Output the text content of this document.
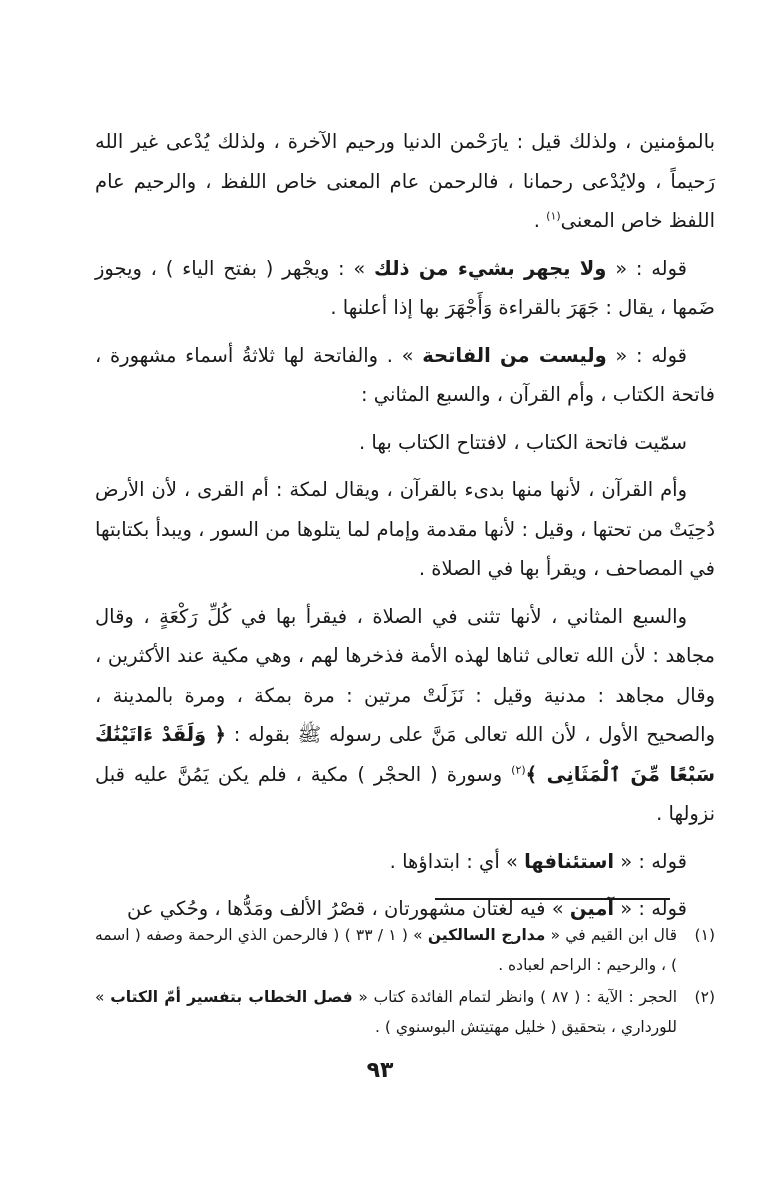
بالمؤمنين ، ولذلك قيل : يارَحْمن الدنيا ورحيم الآخرة ، ولذلك يُدْعى غير الله رَحيماً ، ولايُدْعى رحمانا ، فالرحمن عام المعنى خاص اللفظ ، والرحيم عام اللفظ خاص المعنى$^{(١)}$ .

قوله : « ولا يجهر بشيء من ذلك » : ويجْهر ( بفتح الياء ) ، ويجوز ضَمها ، يقال : جَهَرَ بالقراءة وَأَجْهَرَ بها إذا أعلنها .

قوله : « وليست من الفاتحة » . والفاتحة لها ثلاثةُ أسماء مشهورة ، فاتحة الكتاب ، وأم القرآن ، والسبع المثاني :

سمّيت فاتحة الكتاب ، لافتتاح الكتاب بها .

وأم القرآن ، لأنها منها بدىء بالقرآن ، ويقال لمكة : أم القرى ، لأن الأرض دُحِيَتْ من تحتها ، وقيل : لأنها مقدمة وإمام لما يتلوها من السور ، ويبدأ بكتابتها في المصاحف ، ويقرأ بها في الصلاة .

والسبع المثاني ، لأنها تثنى في الصلاة ، فيقرأ بها في كُلِّ رَكْعَةٍ ، وقال مجاهد : لأن الله تعالى ثناها لهذه الأمة فذخرها لهم ، وهي مكية عند الأكثرين ، وقال مجاهد : مدنية وقيل : نَزَلَتْ مرتين : مرة بمكة ، ومرة بالمدينة ، والصحيح الأول ، لأن الله تعالى مَنَّ على رسوله ﷺ بقوله : ﴿ وَلَقَدْ ءَاتَيْنَٰكَ سَبْعًا مِّنَ ٱلْمَثَانِى ﴾$^{(٢)}$ وسورة ( الحجْر ) مكية ، فلم يكن يَمُنَّ عليه قبل نزولها .

قوله : « استئنافها » أي : ابتداؤها .

قوله : « آمين » فيه لغتان مشهورتان ، قصْرُ الألف ومَدُّها ، وحُكي عن

(١)
قال ابن القيم في « مدارج السالكين » ( ١ / ٣٣ ) ( فالرحمن الذي الرحمة وصفه ( اسمه ) ، والرحيم : الراحم لعباده .
(٢)
الحجر : الآية : ( ٨٧ ) وانظر لتمام الفائدة كتاب « فصل الخطاب بتفسير أمّ الكتاب » للورداري ، بتحقيق ( خليل مهتيتش البوسنوي ) .
٩٣
